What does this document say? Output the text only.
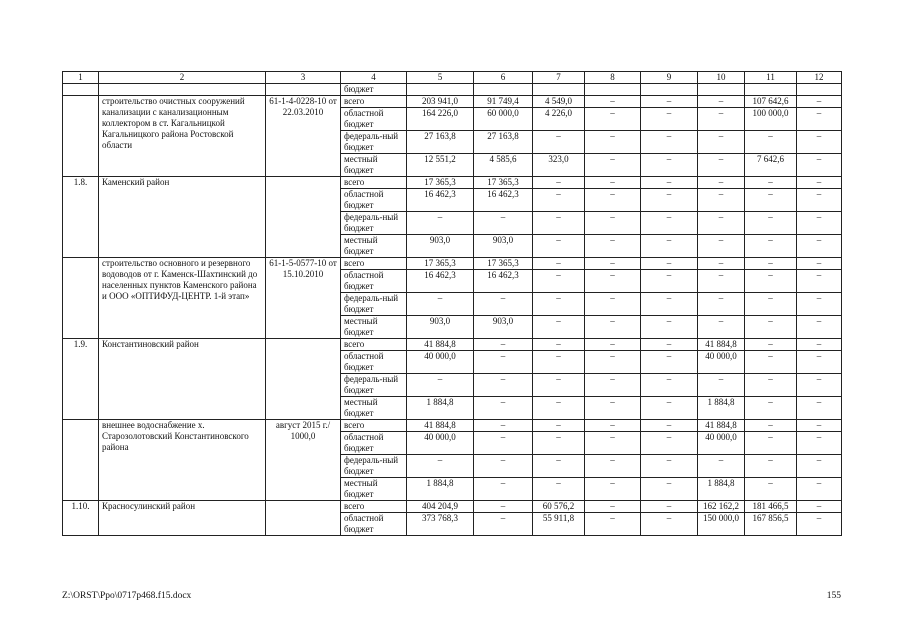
1	2	3	4	5	6	7	8	9	10	11	12
			бюджет								
	строительство очистных сооружений канализации с канализационным коллектором в ст. Кагальницкой Кагальницкого района Ростовской области	61-1-4-0228-10 от 22.03.2010	всего	203 941,0	91 749,4	4 549,0	–	–	–	107 642,6	–
			областной бюджет	164 226,0	60 000,0	4 226,0	–	–	–	100 000,0	–
			федераль-ный бюджет	27 163,8	27 163,8	–	–	–	–	–	–
			местный бюджет	12 551,2	4 585,6	323,0	–	–	–	7 642,6	–
1.8.	Каменский район		всего	17 365,3	17 365,3	–	–	–	–	–	–
			областной бюджет	16 462,3	16 462,3	–	–	–	–	–	–
			федераль-ный бюджет	–	–	–	–	–	–	–	–
			местный бюджет	903,0	903,0	–	–	–	–	–	–
	строительство основного и резервного водоводов от г. Каменск-Шахтинский до населенных пунктов Каменского района и ООО «ОПТИФУД-ЦЕНТР. 1-й этап»	61-1-5-0577-10 от 15.10.2010	всего	17 365,3	17 365,3	–	–	–	–	–	–
			областной бюджет	16 462,3	16 462,3	–	–	–	–	–	–
			федераль-ный бюджет	–	–	–	–	–	–	–	–
			местный бюджет	903,0	903,0	–	–	–	–	–	–
1.9.	Константиновский район		всего	41 884,8	–	–	–	–	41 884,8	–	–
			областной бюджет	40 000,0	–	–	–	–	40 000,0	–	–
			федераль-ный бюджет	–	–	–	–	–	–	–	–
			местный бюджет	1 884,8	–	–	–	–	1 884,8	–	–
	внешнее водоснабжение х. Старозолотовский Константиновского района	август 2015 г./ 1000,0	всего	41 884,8	–	–	–	–	41 884,8	–	–
			областной бюджет	40 000,0	–	–	–	–	40 000,0	–	–
			федераль-ный бюджет	–	–	–	–	–	–	–	–
			местный бюджет	1 884,8	–	–	–	–	1 884,8	–	–
1.10.	Красносулинский район		всего	404 204,9	–	60 576,2	–	–	162 162,2	181 466,5	–
			областной бюджет	373 768,3	–	55 911,8	–	–	150 000,0	167 856,5	–
Z:\ORST\Ppo\0717p468.f15.docx	155
